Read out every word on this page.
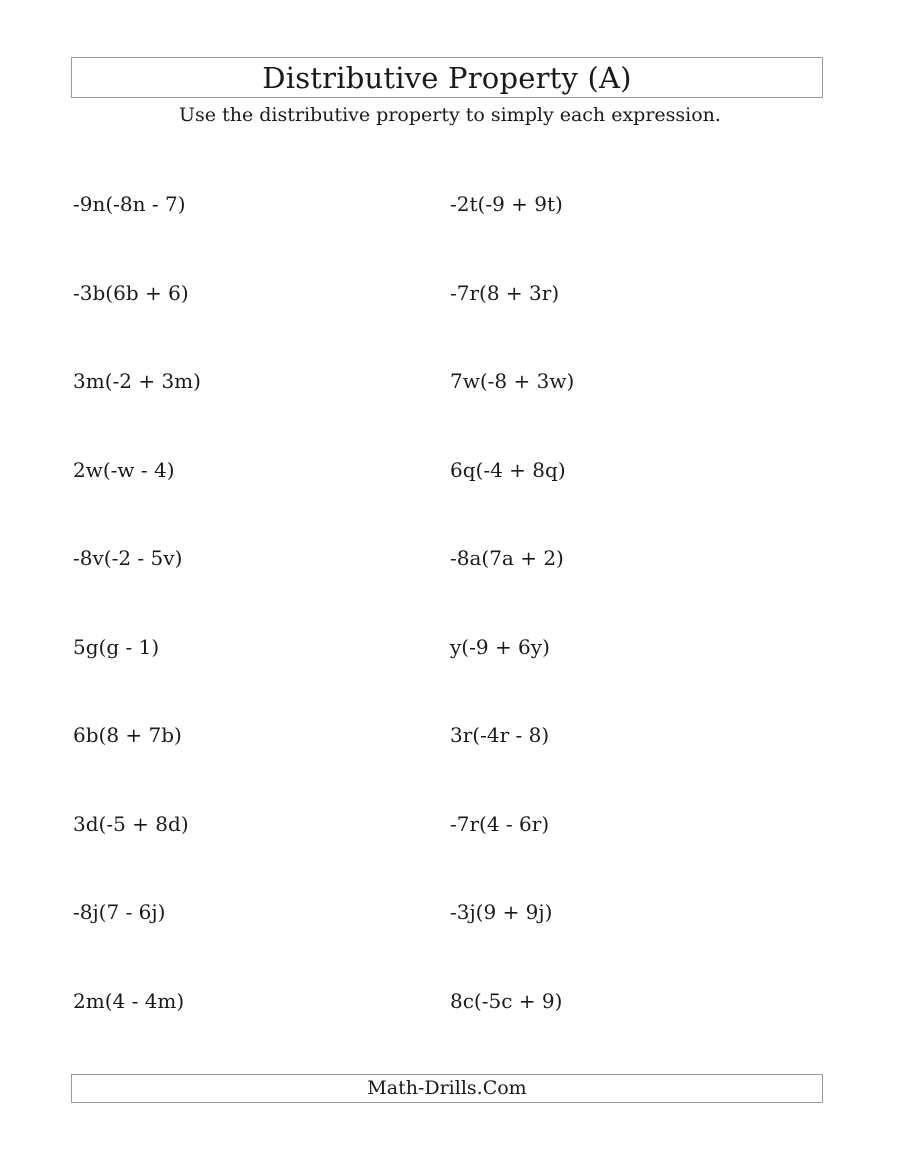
Distributive Property (A)
Use the distributive property to simply each expression.
-9n(-8n - 7)	-2t(-9 + 9t)
-3b(6b + 6)	-7r(8 + 3r)
3m(-2 + 3m)	7w(-8 + 3w)
2w(-w - 4)	6q(-4 + 8q)
-8v(-2 - 5v)	-8a(7a + 2)
5g(g - 1)	y(-9 + 6y)
6b(8 + 7b)	3r(-4r - 8)
3d(-5 + 8d)	-7r(4 - 6r)
-8j(7 - 6j)	-3j(9 + 9j)
2m(4 - 4m)	8c(-5c + 9)
Math-Drills.Com
